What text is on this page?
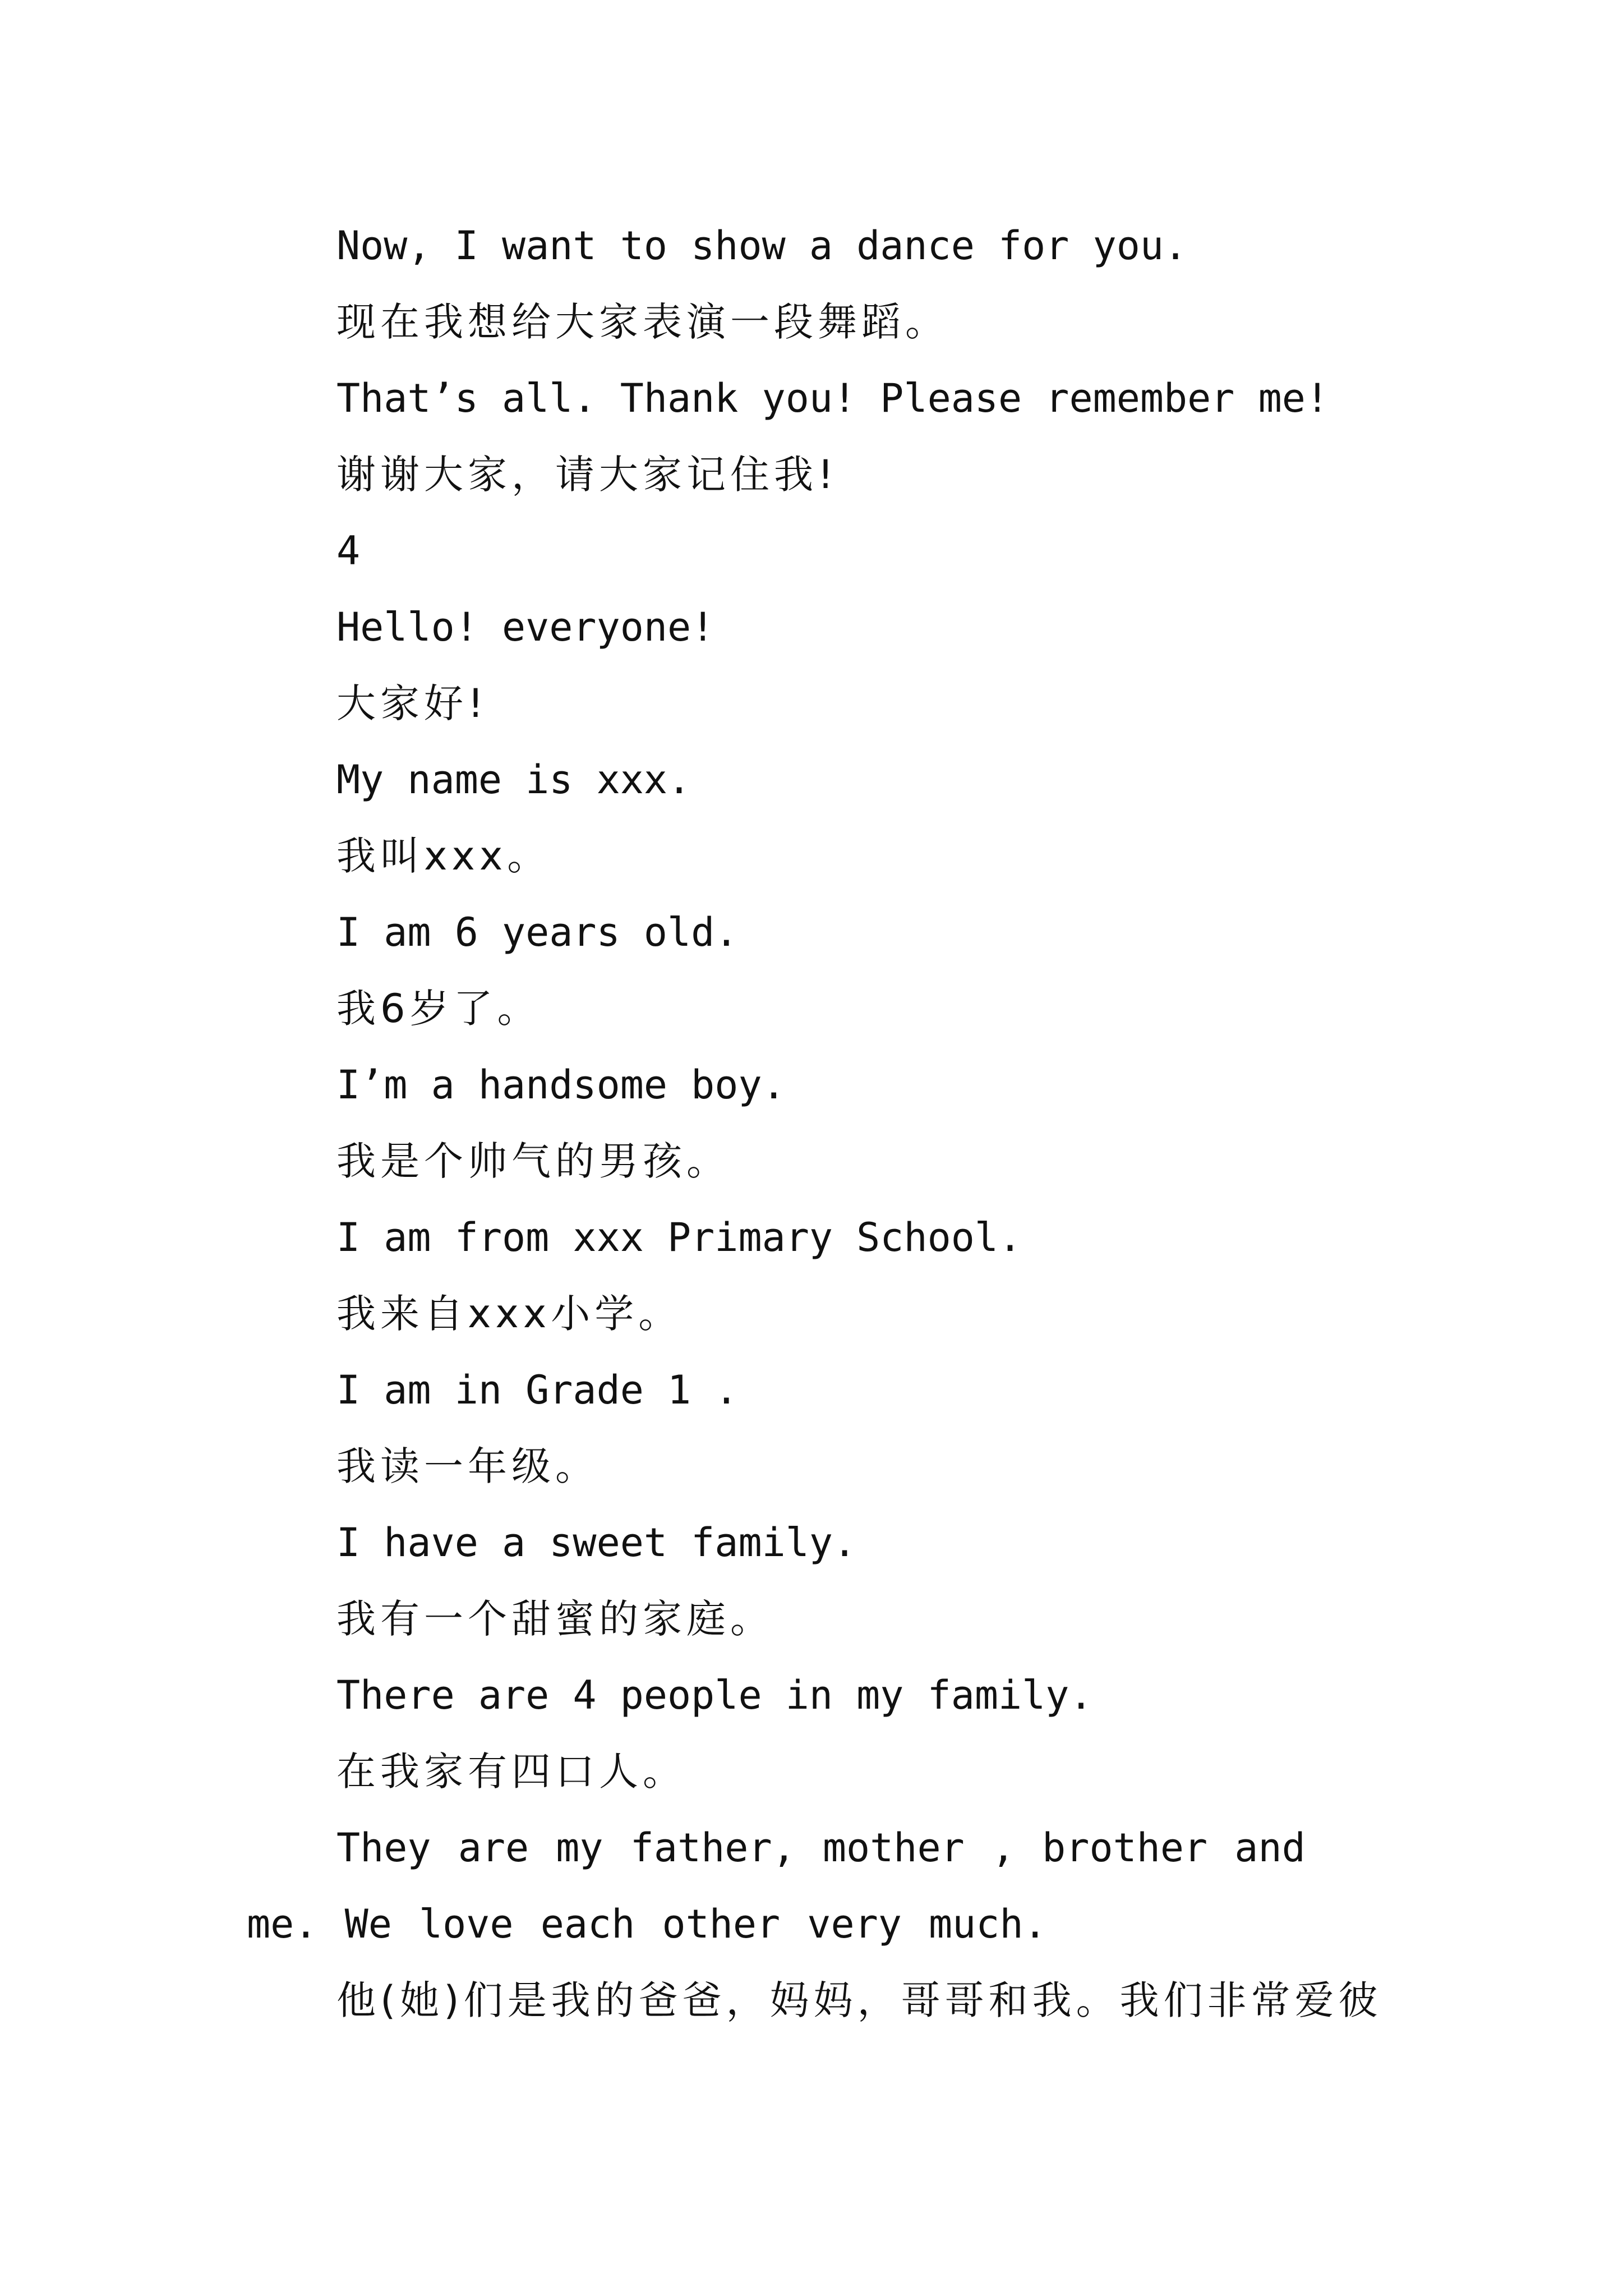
Now, I want to show a dance for you.

现在我想给大家表演一段舞蹈。

That’s all. Thank you! Please remember me!

谢谢大家，请大家记住我!

4

Hello! everyone!

大家好!

My name is xxx.

我叫xxx。

I am 6 years old.

我6岁了。

I’m a handsome boy.

我是个帅气的男孩。

I am from xxx Primary School.

我来自xxx小学。

I am in Grade 1 .

我读一年级。

I have a sweet family.

我有一个甜蜜的家庭。

There are 4 people in my family.

在我家有四口人。

They are my father, mother , brother and me. We love each other very much.

他(她)们是我的爸爸，妈妈，哥哥和我。我们非常爱彼
